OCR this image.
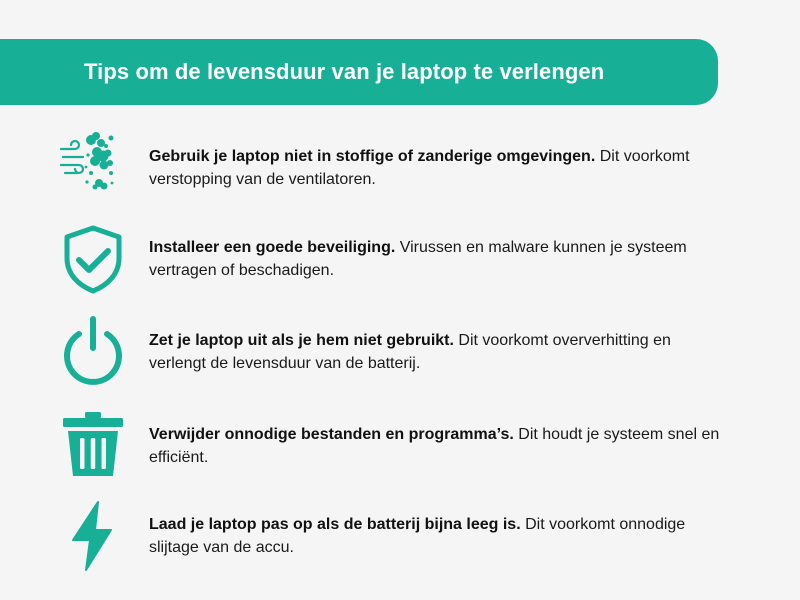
Tips om de levensduur van je laptop te verlengen
Gebruik je laptop niet in stoffige of zanderige omgevingen. Dit voorkomt verstopping van de ventilatoren.
Installeer een goede beveiliging. Virussen en malware kunnen je systeem vertragen of beschadigen.
Zet je laptop uit als je hem niet gebruikt. Dit voorkomt oververhitting en verlengt de levensduur van de batterij.
Verwijder onnodige bestanden en programma’s. Dit houdt je systeem snel en efficiënt.
Laad je laptop pas op als de batterij bijna leeg is. Dit voorkomt onnodige slijtage van de accu.
